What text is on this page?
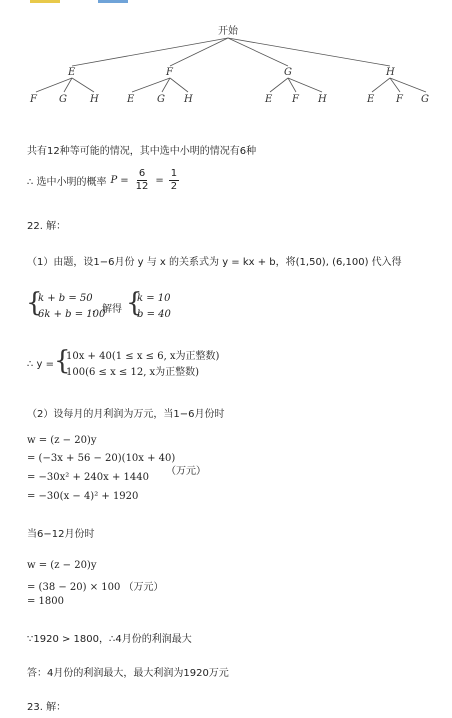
开始
E	F	G	H
F G H	E G H	E F H	E F G
共有12种等可能的情况，其中选中小明的情况有6种
∴ 选中小明的概率 $P = \frac{6}{12} = \frac{1}{2}$
22. 解：
（1）由题，设1−6月份 y 与 x 的关系式为 y = kx + b，将(1,50), (6,100) 代入得
{
k + b = 50
6k + b = 100
，解得 {
k = 10
b = 40
∴ y = {
10x + 40(1 ≤ x ≤ 6, x为正整数)
100(6 ≤ x ≤ 12, x为正整数)
（2）设每月的月利润为万元，当1−6月份时
w = (z − 20)y
= (−3x + 56 − 20)(10x + 40)
（万元）
= −30x² + 240x + 1440
= −30(x − 4)² + 1920
当6−12月份时
w = (z − 20)y
= (38 − 20) × 100 （万元）
= 1800
∵1920 > 1800，∴4月份的利润最大
答：4月份的利润最大，最大利润为1920万元
23. 解：
